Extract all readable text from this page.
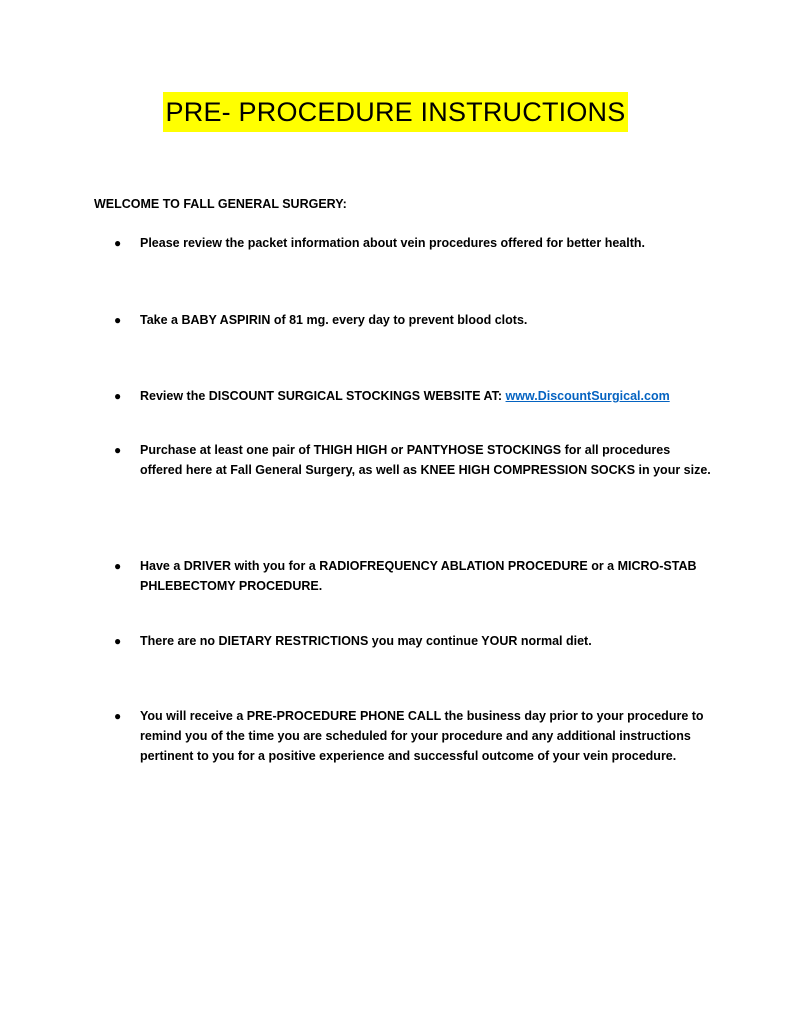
PRE- PROCEDURE INSTRUCTIONS
WELCOME TO FALL GENERAL SURGERY:
●	Please review the packet information about vein procedures offered for better health.
●	Take a BABY ASPIRIN of 81 mg. every day to prevent blood clots.
●	Review the DISCOUNT SURGICAL STOCKINGS WEBSITE AT: www.DiscountSurgical.com
●	Purchase at least one pair of THIGH HIGH or PANTYHOSE STOCKINGS for all procedures offered here at Fall General Surgery, as well as KNEE HIGH COMPRESSION SOCKS in your size.
●	Have a DRIVER with you for a RADIOFREQUENCY ABLATION PROCEDURE or a MICRO-STAB PHLEBECTOMY PROCEDURE.
●	There are no DIETARY RESTRICTIONS you may continue YOUR normal diet.
●	You will receive a PRE-PROCEDURE PHONE CALL the business day prior to your procedure to remind you of the time you are scheduled for your procedure and any additional instructions pertinent to you for a positive experience and successful outcome of your vein procedure.
